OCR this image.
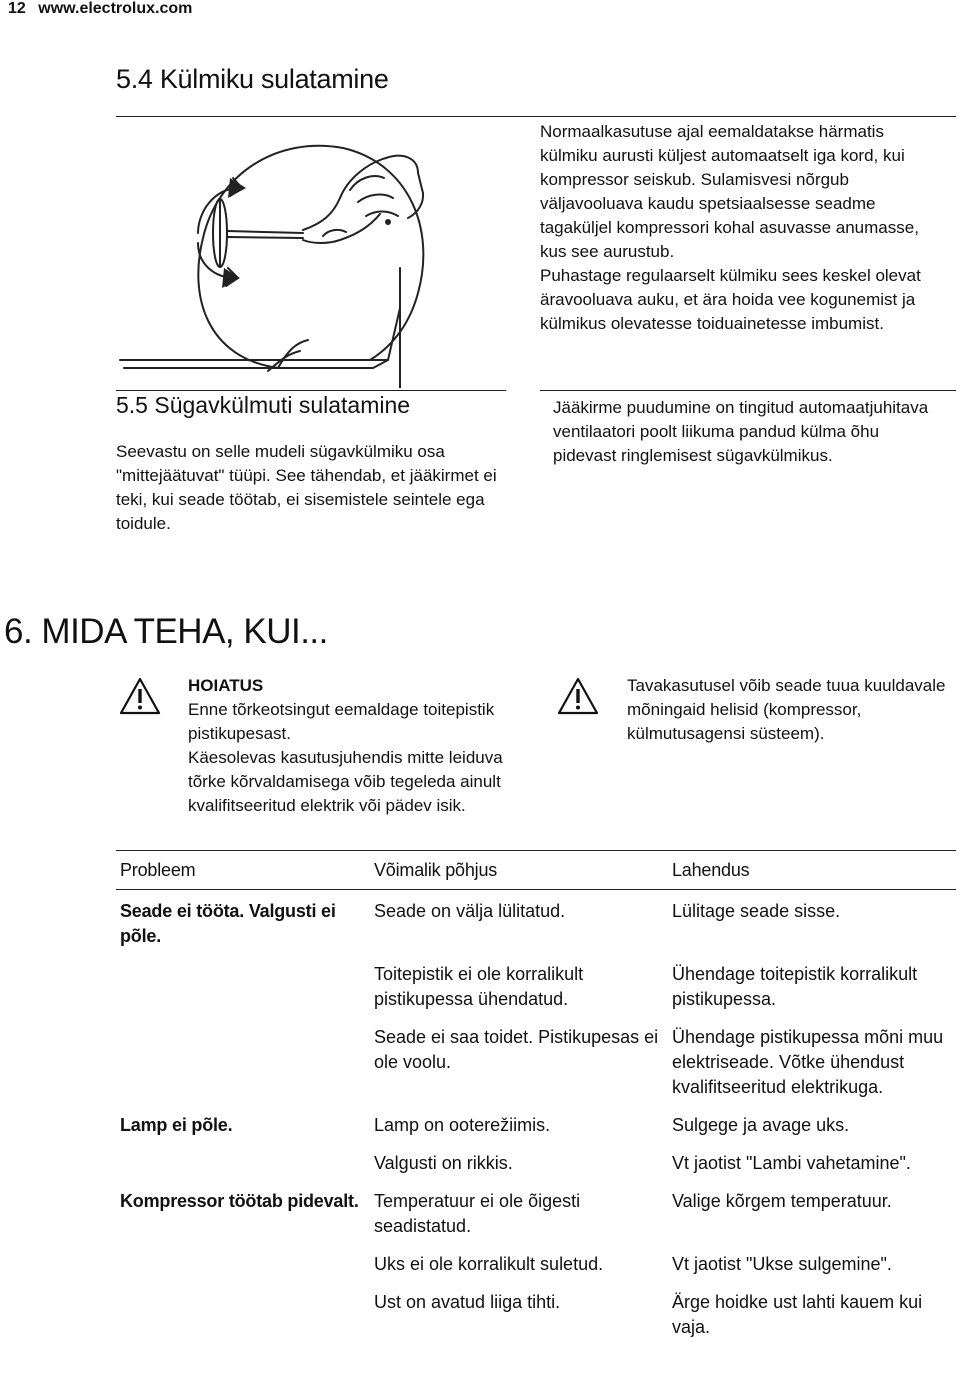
12 www.electrolux.com
5.4 Külmiku sulatamine

Normaalkasutuse ajal eemaldatakse härmatis külmiku aurusti küljest automaatselt iga kord, kui kompressor seiskub. Sulamisvesi nõrgub väljavooluava kaudu spetsiaalsesse seadme tagaküljel kompressori kohal asuvasse anumasse, kus see aurustub.

Puhastage regulaarselt külmiku sees keskel olevat äravooluava auku, et ära hoida vee kogunemist ja külmikus olevatesse toiduainetesse imbumist.

5.5 Sügavkülmuti sulatamine
Seevastu on selle mudeli sügavkülmiku osa "mittejäätuvat" tüüpi. See tähendab, et jääkirmet ei teki, kui seade töötab, ei sisemistele seintele ega toidule.
Jääkirme puudumine on tingitud automaatjuhitava ventilaatori poolt liikuma pandud külma õhu pidevast ringlemisest sügavkülmikus.
6. MIDA TEHA, KUI...
HOIATUS
Enne tõrkeotsingut eemaldage toitepistik pistikupesast.
Käesolevas kasutusjuhendis mitte leiduva tõrke kõrvaldamisega võib tegeleda ainult kvalifitseeritud elektrik või pädev isik.
Tavakasutusel võib seade tuua kuuldavale mõningaid helisid (kompressor, külmutusagensi süsteem).
Probleem	Võimalik põhjus	Lahendus
Seade ei tööta. Valgusti ei põle.	Seade on välja lülitatud.	Lülitage seade sisse.
	Toitepistik ei ole korralikult pistikupessa ühendatud.	Ühendage toitepistik korralikult pistikupessa.
	Seade ei saa toidet. Pistikupesas ei ole voolu.	Ühendage pistikupessa mõni muu elektriseade. Võtke ühendust kvalifitseeritud elektrikuga.
Lamp ei põle.	Lamp on ooterežiimis.	Sulgege ja avage uks.
	Valgusti on rikkis.	Vt jaotist "Lambi vahetamine".
Kompressor töötab pidevalt.	Temperatuur ei ole õigesti seadistatud.	Valige kõrgem temperatuur.
	Uks ei ole korralikult suletud.	Vt jaotist "Ukse sulgemine".
	Ust on avatud liiga tihti.	Ärge hoidke ust lahti kauem kui vaja.
